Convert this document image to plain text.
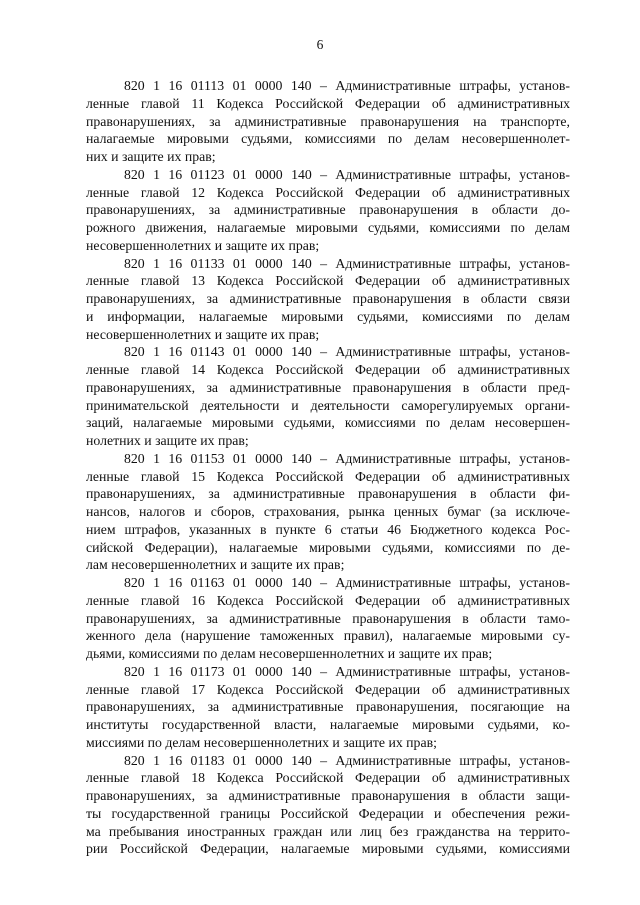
6

820 1 16 01113 01 0000 140 – Административные штрафы, установ-
ленные главой 11 Кодекса Российской Федерации об административных
правонарушениях, за административные правонарушения на транспорте,
налагаемые мировыми судьями, комиссиями по делам несовершеннолет-
них и защите их прав;

820 1 16 01123 01 0000 140 – Административные штрафы, установ-
ленные главой 12 Кодекса Российской Федерации об административных
правонарушениях, за административные правонарушения в области до-
рожного движения, налагаемые мировыми судьями, комиссиями по делам
несовершеннолетних и защите их прав;

820 1 16 01133 01 0000 140 – Административные штрафы, установ-
ленные главой 13 Кодекса Российской Федерации об административных
правонарушениях, за административные правонарушения в области связи
и информации, налагаемые мировыми судьями, комиссиями по делам
несовершеннолетних и защите их прав;

820 1 16 01143 01 0000 140 – Административные штрафы, установ-
ленные главой 14 Кодекса Российской Федерации об административных
правонарушениях, за административные правонарушения в области пред-
принимательской деятельности и деятельности саморегулируемых органи-
заций, налагаемые мировыми судьями, комиссиями по делам несовершен-
нолетних и защите их прав;

820 1 16 01153 01 0000 140 – Административные штрафы, установ-
ленные главой 15 Кодекса Российской Федерации об административных
правонарушениях, за административные правонарушения в области фи-
нансов, налогов и сборов, страхования, рынка ценных бумаг (за исключе-
нием штрафов, указанных в пункте 6 статьи 46 Бюджетного кодекса Рос-
сийской Федерации), налагаемые мировыми судьями, комиссиями по де-
лам несовершеннолетних и защите их прав;

820 1 16 01163 01 0000 140 – Административные штрафы, установ-
ленные главой 16 Кодекса Российской Федерации об административных
правонарушениях, за административные правонарушения в области тамо-
женного дела (нарушение таможенных правил), налагаемые мировыми су-
дьями, комиссиями по делам несовершеннолетних и защите их прав;

820 1 16 01173 01 0000 140 – Административные штрафы, установ-
ленные главой 17 Кодекса Российской Федерации об административных
правонарушениях, за административные правонарушения, посягающие на
институты государственной власти, налагаемые мировыми судьями, ко-
миссиями по делам несовершеннолетних и защите их прав;

820 1 16 01183 01 0000 140 – Административные штрафы, установ-
ленные главой 18 Кодекса Российской Федерации об административных
правонарушениях, за административные правонарушения в области защи-
ты государственной границы Российской Федерации и обеспечения режи-
ма пребывания иностранных граждан или лиц без гражданства на террито-
рии Российской Федерации, налагаемые мировыми судьями, комиссиями
